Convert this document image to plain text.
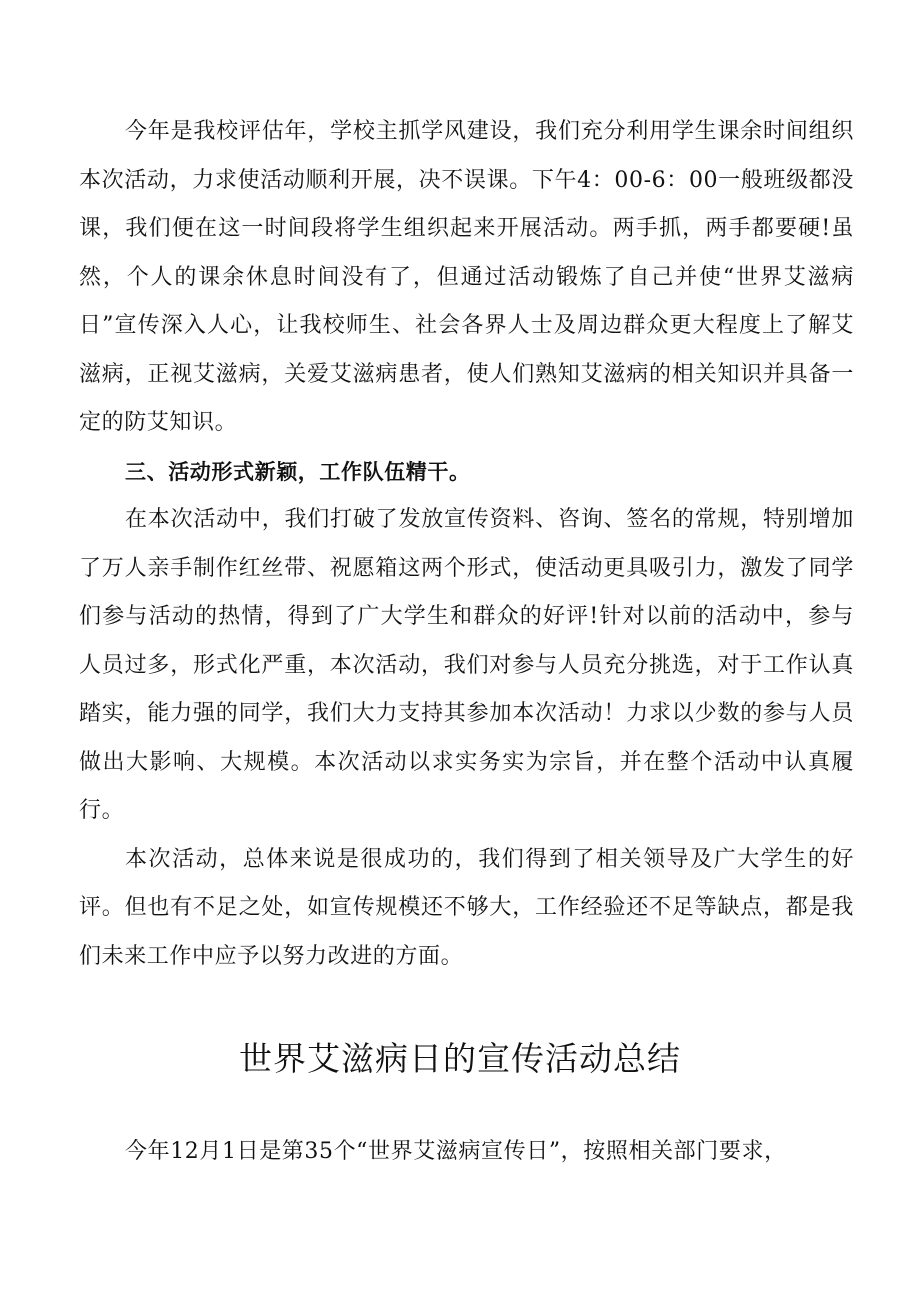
今年是我校评估年，学校主抓学风建设，我们充分利用学生课余时间组织本次活动，力求使活动顺利开展，决不误课。下午4：00-6：00一般班级都没课，我们便在这一时间段将学生组织起来开展活动。两手抓，两手都要硬!虽然，个人的课余休息时间没有了，但通过活动锻炼了自己并使“世界艾滋病日”宣传深入人心，让我校师生、社会各界人士及周边群众更大程度上了解艾滋病，正视艾滋病，关爱艾滋病患者，使人们熟知艾滋病的相关知识并具备一定的防艾知识。

三、活动形式新颖，工作队伍精干。

在本次活动中，我们打破了发放宣传资料、咨询、签名的常规，特别增加了万人亲手制作红丝带、祝愿箱这两个形式，使活动更具吸引力，激发了同学们参与活动的热情，得到了广大学生和群众的好评!针对以前的活动中，参与人员过多，形式化严重，本次活动，我们对参与人员充分挑选，对于工作认真踏实，能力强的同学，我们大力支持其参加本次活动！力求以少数的参与人员做出大影响、大规模。本次活动以求实务实为宗旨，并在整个活动中认真履行。

本次活动，总体来说是很成功的，我们得到了相关领导及广大学生的好评。但也有不足之处，如宣传规模还不够大，工作经验还不足等缺点，都是我们未来工作中应予以努力改进的方面。

世界艾滋病日的宣传活动总结

今年12月1日是第35个“世界艾滋病宣传日”，按照相关部门要求，
